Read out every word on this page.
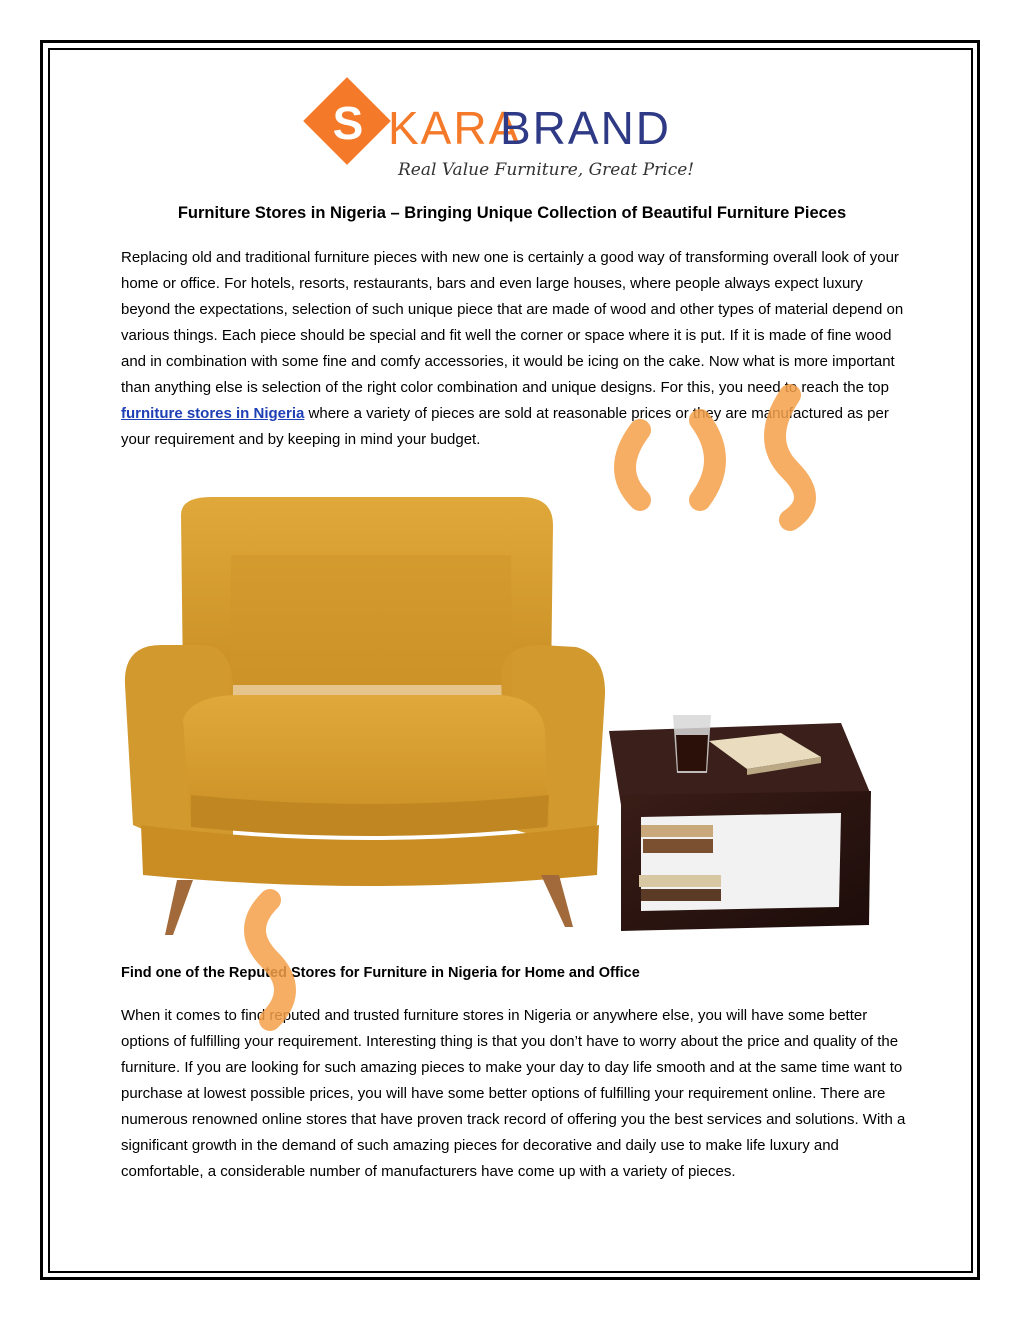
S KARA
BRAND
Real Value Furniture, Great Price!
Furniture Stores in Nigeria – Bringing Unique Collection of Beautiful Furniture Pieces

Replacing old and traditional furniture pieces with new one is certainly a good way of transforming overall look of your home or office. For hotels, resorts, restaurants, bars and even large houses, where people always expect luxury beyond the expectations, selection of such unique piece that are made of wood and other types of material depend on various things. Each piece should be special and fit well the corner or space where it is put. If it is made of fine wood and in combination with some fine and comfy accessories, it would be icing on the cake. Now what is more important than anything else is selection of the right color combination and unique designs. For this, you need to reach the top furniture stores in Nigeria where a variety of pieces are sold at reasonable prices or they are manufactured as per your requirement and by keeping in mind your budget.

Find one of the Reputed Stores for Furniture in Nigeria for Home and Office

When it comes to find reputed and trusted furniture stores in Nigeria or anywhere else, you will have some better options of fulfilling your requirement. Interesting thing is that you don’t have to worry about the price and quality of the furniture. If you are looking for such amazing pieces to make your day to day life smooth and at the same time want to purchase at lowest possible prices, you will have some better options of fulfilling your requirement online. There are numerous renowned online stores that have proven track record of offering you the best services and solutions. With a significant growth in the demand of such amazing pieces for decorative and daily use to make life luxury and comfortable, a considerable number of manufacturers have come up with a variety of pieces.
